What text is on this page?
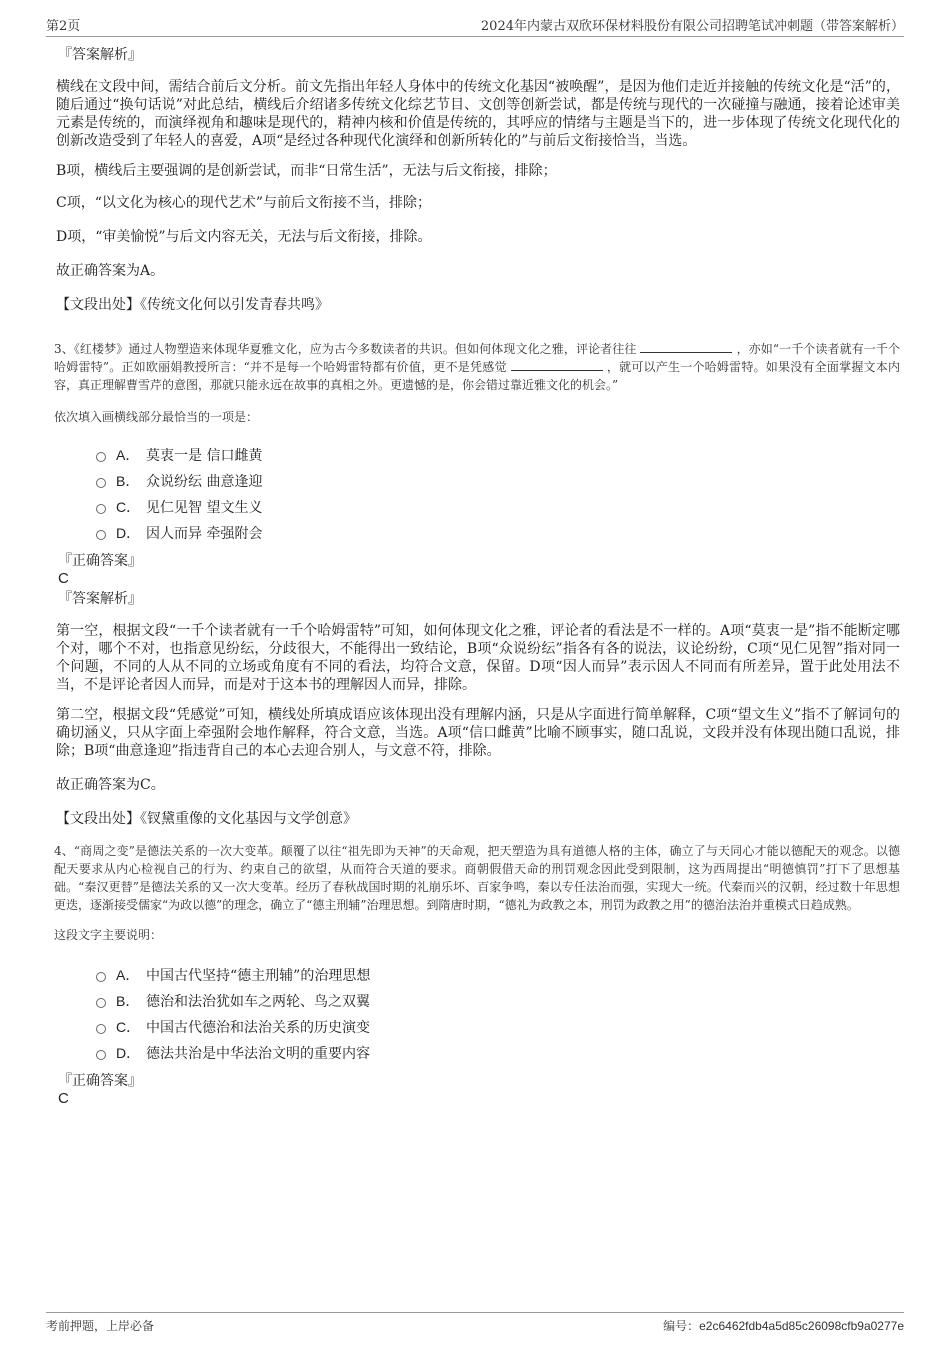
第2页	2024年内蒙古双欣环保材料股份有限公司招聘笔试冲刺题（带答案解析）
『答案解析』

横线在文段中间，需结合前后文分析。前文先指出年轻人身体中的传统文化基因“被唤醒”，是因为他们走近并接触的传统文化是“活”的，随后通过“换句话说”对此总结，横线后介绍诸多传统文化综艺节目、文创等创新尝试，都是传统与现代的一次碰撞与融通，接着论述审美元素是传统的，而演绎视角和趣味是现代的，精神内核和价值是传统的，其呼应的情绪与主题是当下的，进一步体现了传统文化现代化的创新改造受到了年轻人的喜爱，A项“是经过各种现代化演绎和创新所转化的”与前后文衔接恰当，当选。

B项，横线后主要强调的是创新尝试，而非“日常生活”，无法与后文衔接，排除；

C项，“以文化为核心的现代艺术”与前后文衔接不当，排除；

D项，“审美愉悦”与后文内容无关，无法与后文衔接，排除。

故正确答案为A。

【文段出处】《传统文化何以引发青春共鸣》

3、《红楼梦》通过人物塑造来体现华夏雅文化，应为古今多数读者的共识。但如何体现文化之雅，评论者往往	，亦如“一千个读者就有一千个哈姆雷特”。正如欧丽娟教授所言：“并不是每一个哈姆雷特都有价值，更不是凭感觉	，就可以产生一个哈姆雷特。如果没有全面掌握文本内容，真正理解曹雪芹的意图，那就只能永远在故事的真相之外。更遗憾的是，你会错过靠近雅文化的机会。”

依次填入画横线部分最恰当的一项是：
A． 莫衷一是 信口雌黄
B． 众说纷纭 曲意逢迎
C． 见仁见智 望文生义
D． 因人而异 牵强附会
『正确答案』
C
『答案解析』

第一空，根据文段“一千个读者就有一千个哈姆雷特”可知，如何体现文化之雅，评论者的看法是不一样的。A项“莫衷一是”指不能断定哪个对，哪个不对，也指意见纷纭，分歧很大，不能得出一致结论，B项“众说纷纭”指各有各的说法，议论纷纷，C项“见仁见智”指对同一个问题，不同的人从不同的立场或角度有不同的看法，均符合文意，保留。D项“因人而异”表示因人不同而有所差异，置于此处用法不当，不是评论者因人而异，而是对于这本书的理解因人而异，排除。

第二空，根据文段“凭感觉”可知，横线处所填成语应该体现出没有理解内涵，只是从字面进行简单解释，C项“望文生义”指不了解词句的确切涵义，只从字面上牵强附会地作解释，符合文意，当选。A项“信口雌黄”比喻不顾事实，随口乱说，文段并没有体现出随口乱说，排除；B项“曲意逢迎”指违背自己的本心去迎合别人，与文意不符，排除。

故正确答案为C。

【文段出处】《钗黛重像的文化基因与文学创意》

4、“商周之变”是德法关系的一次大变革。颠覆了以往“祖先即为天神”的天命观，把天塑造为具有道德人格的主体，确立了与天同心才能以德配天的观念。以德配天要求从内心检视自己的行为、约束自己的欲望，从而符合天道的要求。商朝假借天命的刑罚观念因此受到限制，这为西周提出“明德慎罚”打下了思想基础。“秦汉更替”是德法关系的又一次大变革。经历了春秋战国时期的礼崩乐坏、百家争鸣，秦以专任法治而强，实现大一统。代秦而兴的汉朝，经过数十年思想更迭，逐渐接受儒家“为政以德”的理念，确立了“德主刑辅”治理思想。到隋唐时期，“德礼为政教之本，刑罚为政教之用”的德治法治并重模式日趋成熟。

这段文字主要说明：
A． 中国古代坚持“德主刑辅”的治理思想
B． 德治和法治犹如车之两轮、鸟之双翼
C． 中国古代德治和法治关系的历史演变
D． 德法共治是中华法治文明的重要内容
『正确答案』
C
考前押题，上岸必备	编号：e2c6462fdb4a5d85c26098cfb9a0277e
